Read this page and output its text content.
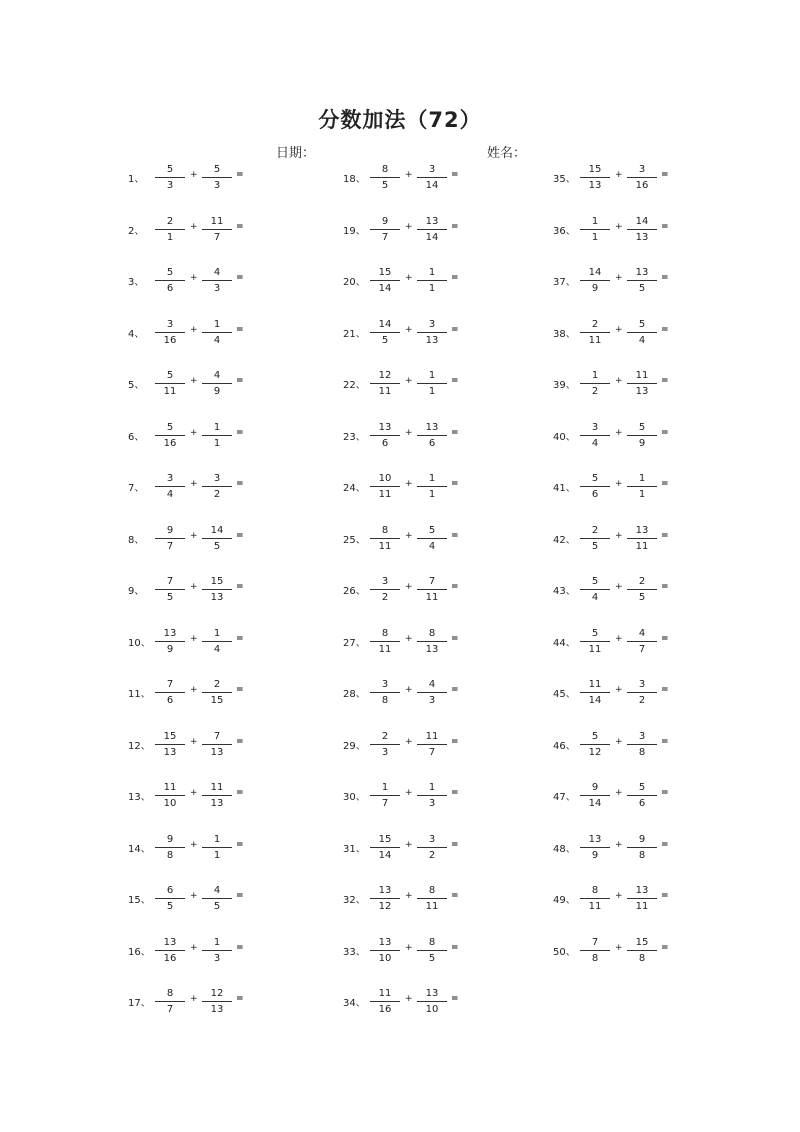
分数加法（72）
日期：	姓名：
1、
5
3
+	5
3
=
2、
2
1
+	11
7
=
3、
5
6
+	4
3
=
4、
3
16
+	1
4
=
5、
5
11
+	4
9
=
6、
5
16
+	1
1
=
7、
3
4
+	3
2
=
8、
9
7
+	14
5
=
9、
7
5
+	15
13
=
10、
13
9
+	1
4
=
11、
7
6
+	2
15
=
12、
15
13
+	7
13
=
13、
11
10
+	11
13
=
14、
9
8
+	1
1
=
15、
6
5
+	4
5
=
16、
13
16
+	1
3
=
17、
8
7
+	12
13
=
18、
8
5
+	3
14
=
19、
9
7
+	13
14
=
20、
15
14
+	1
1
=
21、
14
5
+	3
13
=
22、
12
11
+	1
1
=
23、
13
6
+	13
6
=
24、
10
11
+	1
1
=
25、
8
11
+	5
4
=
26、
3
2
+	7
11
=
27、
8
11
+	8
13
=
28、
3
8
+	4
3
=
29、
2
3
+	11
7
=
30、
1
7
+	1
3
=
31、
15
14
+	3
2
=
32、
13
12
+	8
11
=
33、
13
10
+	8
5
=
34、
11
16
+	13
10
=
35、
15
13
+	3
16
=
36、
1
1
+	14
13
=
37、
14
9
+	13
5
=
38、
2
11
+	5
4
=
39、
1
2
+	11
13
=
40、
3
4
+	5
9
=
41、
5
6
+	1
1
=
42、
2
5
+	13
11
=
43、
5
4
+	2
5
=
44、
5
11
+	4
7
=
45、
11
14
+	3
2
=
46、
5
12
+	3
8
=
47、
9
14
+	5
6
=
48、
13
9
+	9
8
=
49、
8
11
+	13
11
=
50、
7
8
+	15
8
=
